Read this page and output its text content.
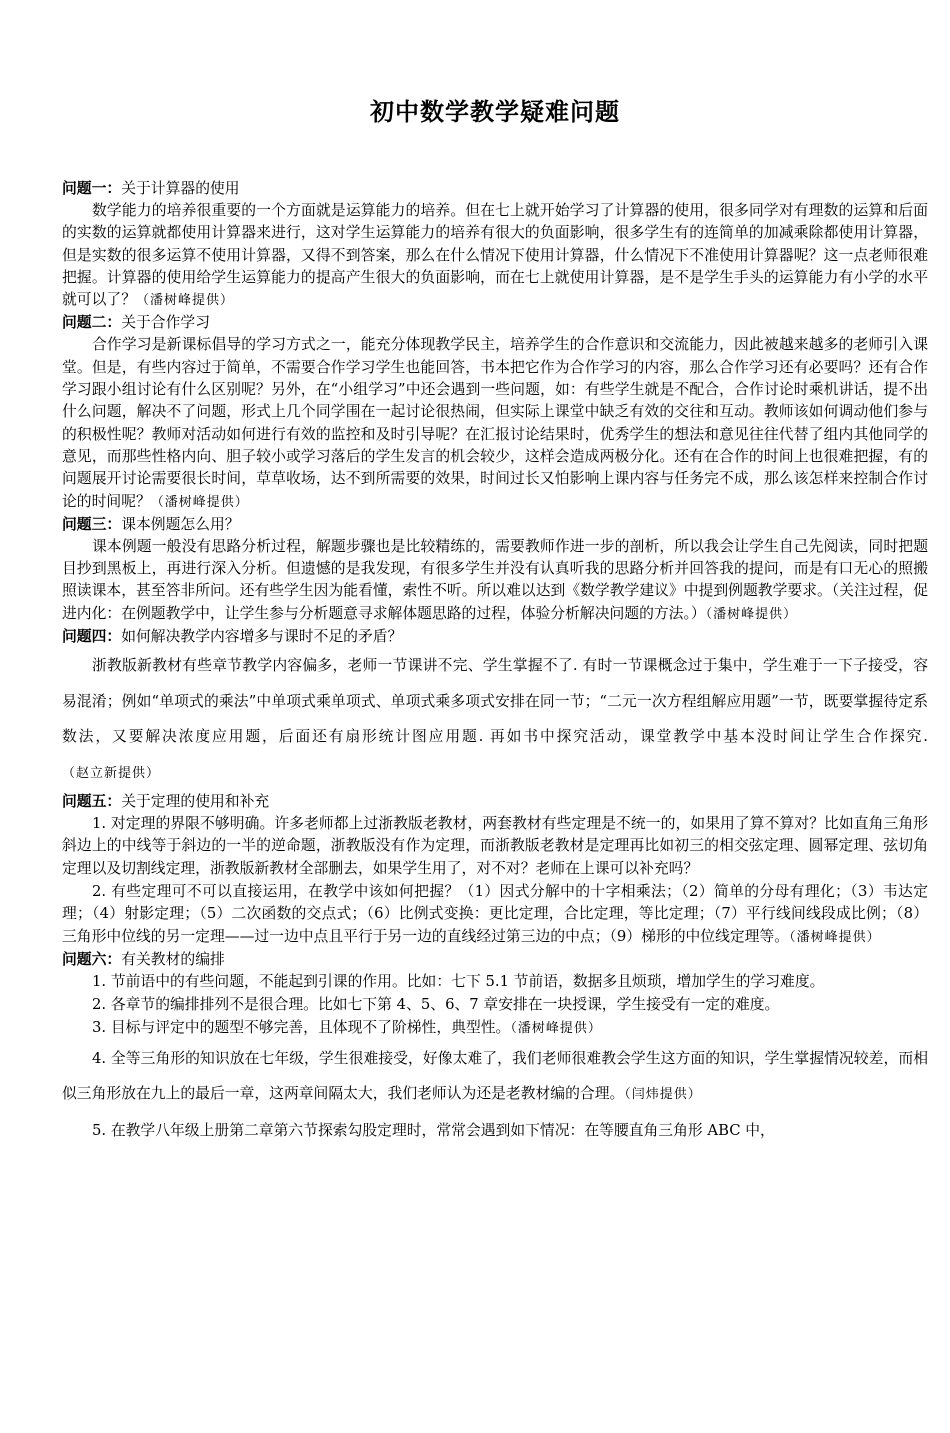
初中数学教学疑难问题
问题一：关于计算器的使用

数学能力的培养很重要的一个方面就是运算能力的培养。但在七上就开始学习了计算器的使用，很多同学对有理数的运算和后面的实数的运算就都使用计算器来进行，这对学生运算能力的培养有很大的负面影响，很多学生有的连简单的加减乘除都使用计算器，但是实数的很多运算不使用计算器，又得不到答案，那么在什么情况下使用计算器，什么情况下不准使用计算器呢？这一点老师很难把握。计算器的使用给学生运算能力的提高产生很大的负面影响，而在七上就使用计算器，是不是学生手头的运算能力有小学的水平就可以了？（潘树峰提供）

问题二：关于合作学习

合作学习是新课标倡导的学习方式之一，能充分体现教学民主，培养学生的合作意识和交流能力，因此被越来越多的老师引入课堂。但是，有些内容过于简单，不需要合作学习学生也能回答，书本把它作为合作学习的内容，那么合作学习还有必要吗？还有合作学习跟小组讨论有什么区别呢？另外，在“小组学习”中还会遇到一些问题，如：有些学生就是不配合，合作讨论时乘机讲话，提不出什么问题，解决不了问题，形式上几个同学围在一起讨论很热闹，但实际上课堂中缺乏有效的交往和互动。教师该如何调动他们参与的积极性呢？教师对活动如何进行有效的监控和及时引导呢？在汇报讨论结果时，优秀学生的想法和意见往往代替了组内其他同学的意见，而那些性格内向、胆子较小或学习落后的学生发言的机会较少，这样会造成两极分化。还有在合作的时间上也很难把握，有的问题展开讨论需要很长时间，草草收场，达不到所需要的效果，时间过长又怕影响上课内容与任务完不成，那么该怎样来控制合作讨论的时间呢？（潘树峰提供）

问题三：课本例题怎么用？

课本例题一般没有思路分析过程，解题步骤也是比较精练的，需要教师作进一步的剖析，所以我会让学生自己先阅读，同时把题目抄到黑板上，再进行深入分析。但遗憾的是我发现，有很多学生并没有认真听我的思路分析并回答我的提问，而是有口无心的照搬照读课本，甚至答非所问。还有些学生因为能看懂，索性不听。所以难以达到《数学教学建议》中提到例题教学要求。（关注过程，促进内化：在例题教学中，让学生参与分析题意寻求解体题思路的过程，体验分析解决问题的方法。）（潘树峰提供）

问题四：如何解决教学内容增多与课时不足的矛盾？

浙教版新教材有些章节教学内容偏多，老师一节课讲不完、学生掌握不了. 有时一节课概念过于集中，学生难于一下子接受，容易混淆；例如“单项式的乘法”中单项式乘单项式、单项式乘多项式安排在同一节；“二元一次方程组解应用题”一节，既要掌握待定系数法，又要解决浓度应用题，后面还有扇形统计图应用题. 再如书中探究活动，课堂教学中基本没时间让学生合作探究.（赵立新提供）

问题五：关于定理的使用和补充

1. 对定理的界限不够明确。许多老师都上过浙教版老教材，两套教材有些定理是不统一的，如果用了算不算对？比如直角三角形斜边上的中线等于斜边的一半的逆命题，浙教版没有作为定理，而浙教版老教材是定理再比如初三的相交弦定理、圆幂定理、弦切角定理以及切割线定理，浙教版新教材全部删去，如果学生用了，对不对？老师在上课可以补充吗？

2. 有些定理可不可以直接运用，在教学中该如何把握？（1）因式分解中的十字相乘法；（2）简单的分母有理化；（3）韦达定理；（4）射影定理；（5）二次函数的交点式；（6）比例式变换：更比定理，合比定理，等比定理；（7）平行线间线段成比例；（8）三角形中位线的另一定理——过一边中点且平行于另一边的直线经过第三边的中点；（9）梯形的中位线定理等。（潘树峰提供）

问题六：有关教材的编排

1. 节前语中的有些问题，不能起到引课的作用。比如：七下 5.1 节前语，数据多且烦琐，增加学生的学习难度。

2. 各章节的编排排列不是很合理。比如七下第 4、5、6、7 章安排在一块授课，学生接受有一定的难度。

3. 目标与评定中的题型不够完善，且体现不了阶梯性，典型性。（潘树峰提供）

4. 全等三角形的知识放在七年级，学生很难接受，好像太难了，我们老师很难教会学生这方面的知识，学生掌握情况较差，而相似三角形放在九上的最后一章，这两章间隔太大，我们老师认为还是老教材编的合理。（闫炜提供）

5. 在教学八年级上册第二章第六节探索勾股定理时，常常会遇到如下情况：在等腰直角三角形 ABC 中，
